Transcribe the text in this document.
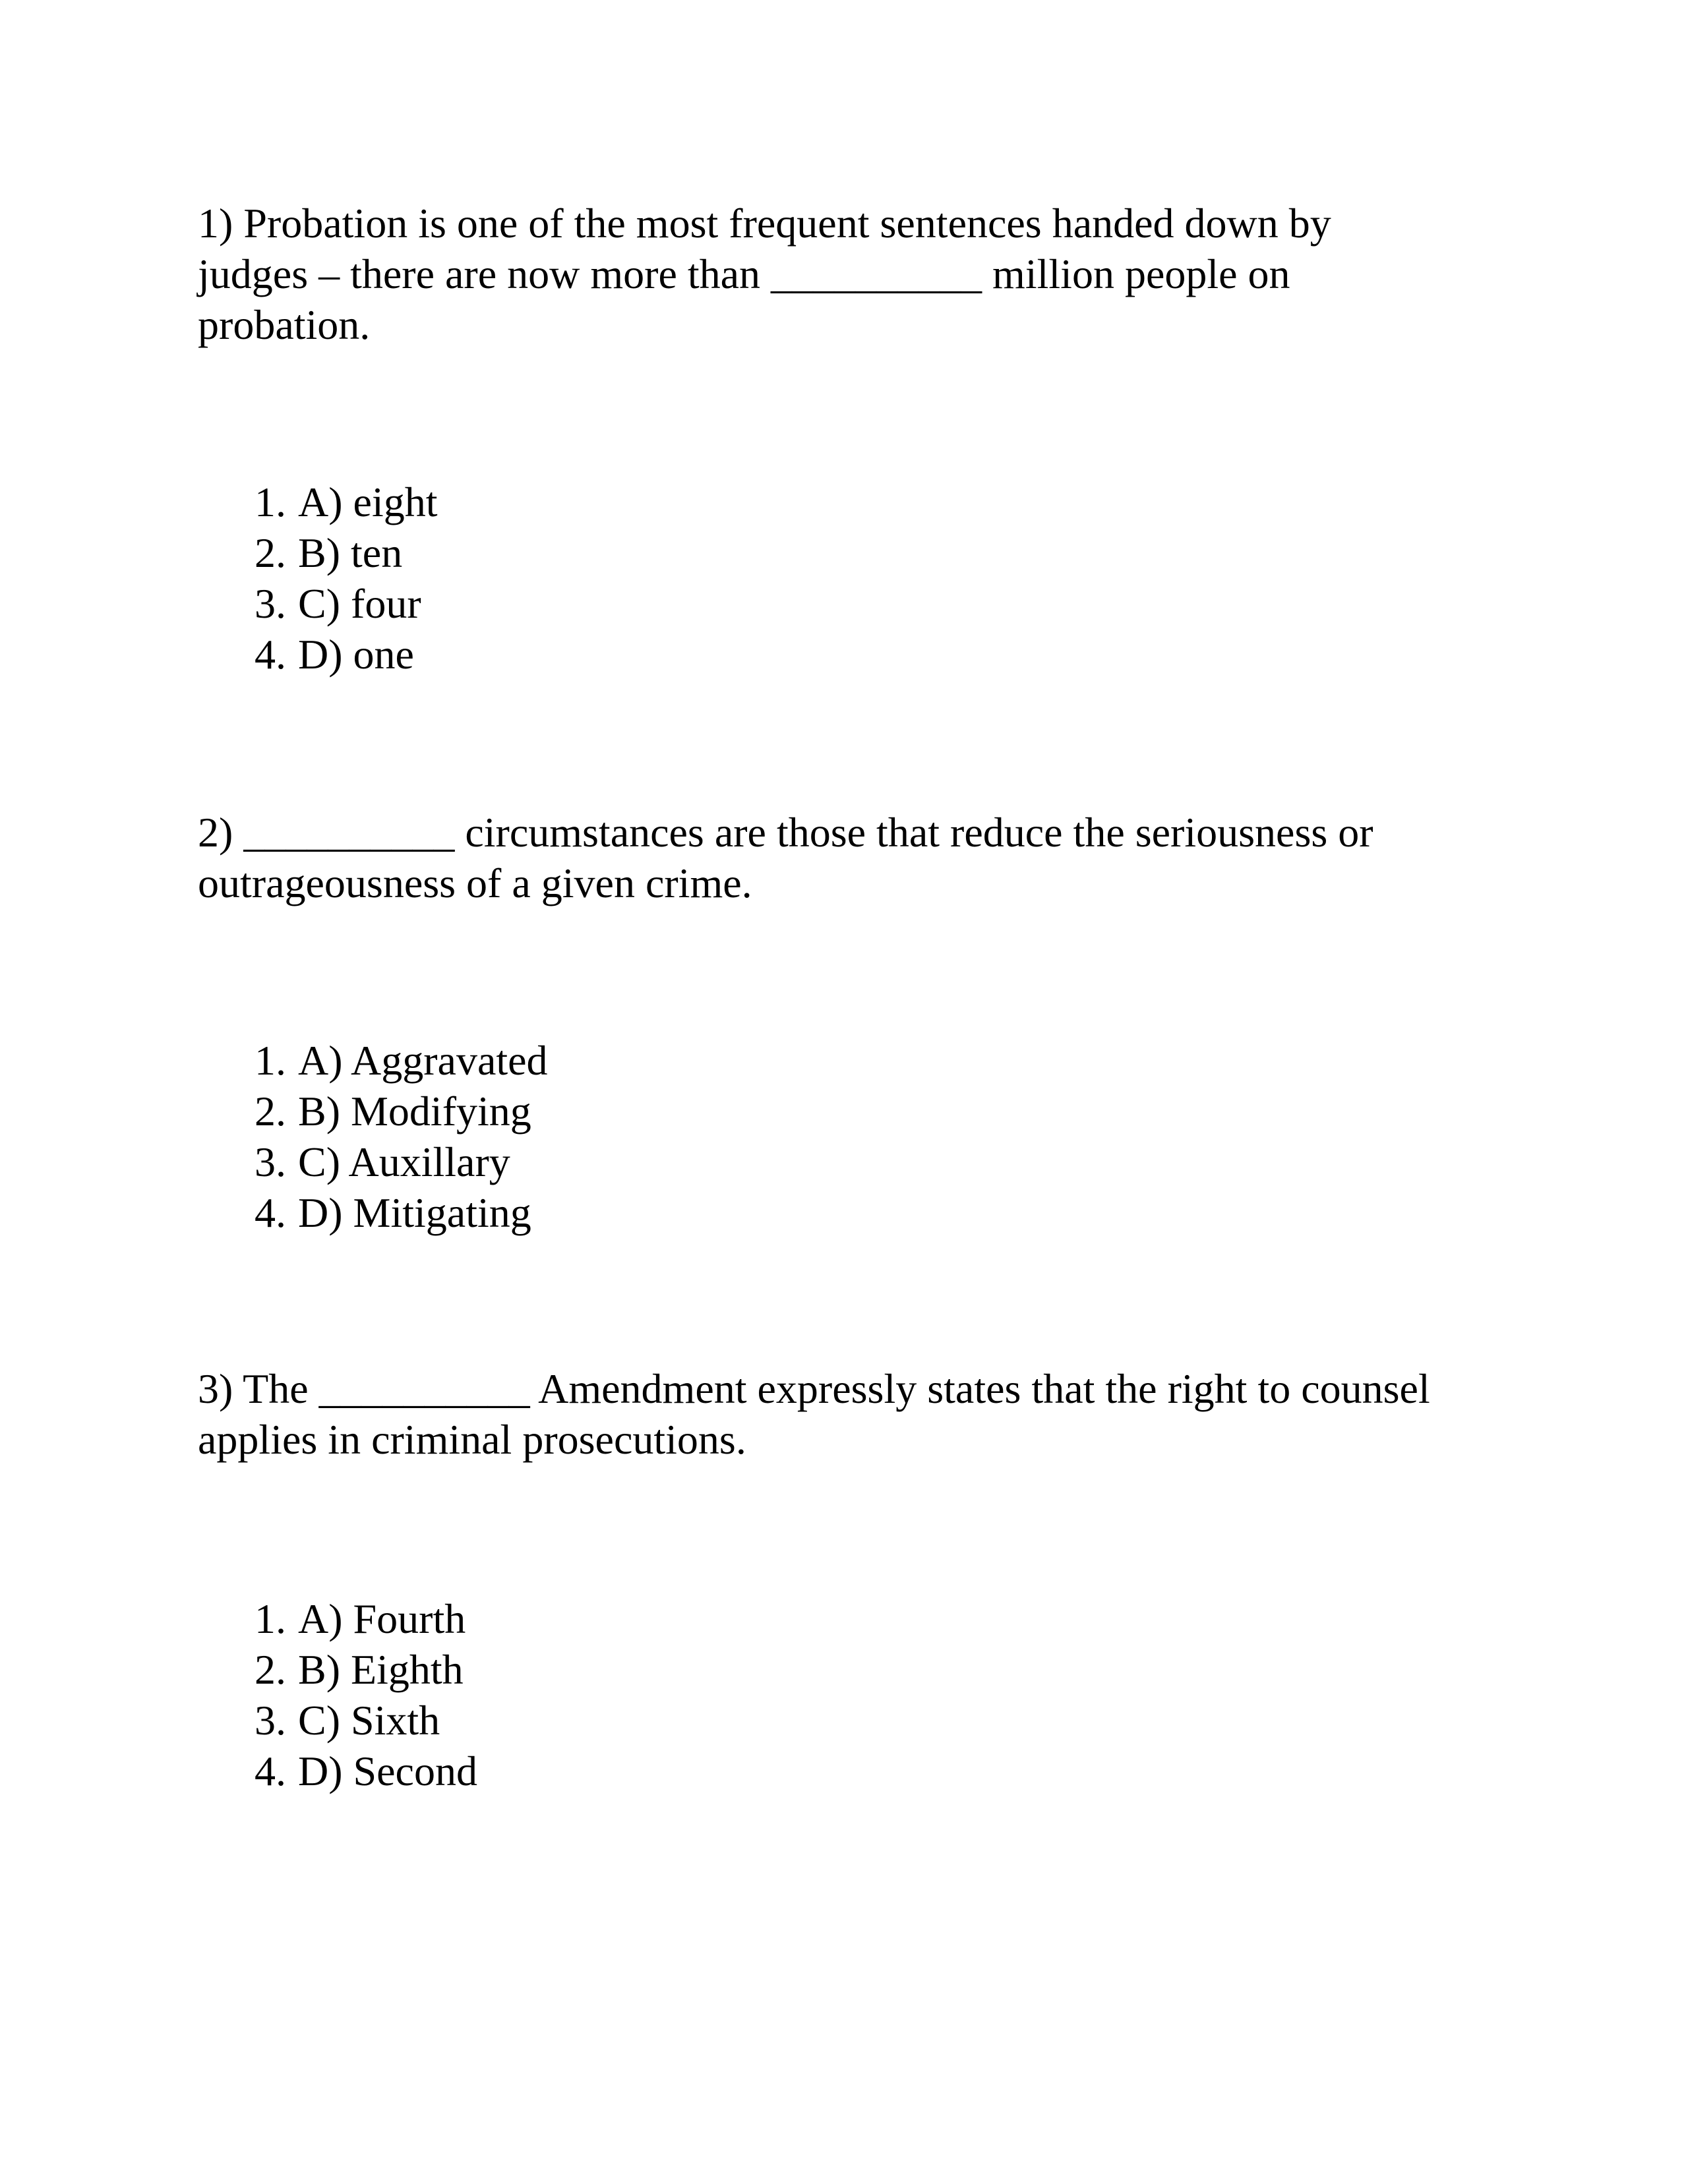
1) Probation is one of the most frequent sentences handed down by judges – there are now more than __________ million people on probation.

1. A) eight
2. B) ten
3. C) four
4. D) one

2) __________ circumstances are those that reduce the seriousness or outrageousness of a given crime.

1. A) Aggravated
2. B) Modifying
3. C) Auxillary
4. D) Mitigating

3) The __________ Amendment expressly states that the right to counsel applies in criminal prosecutions.

1. A) Fourth
2. B) Eighth
3. C) Sixth
4. D) Second
